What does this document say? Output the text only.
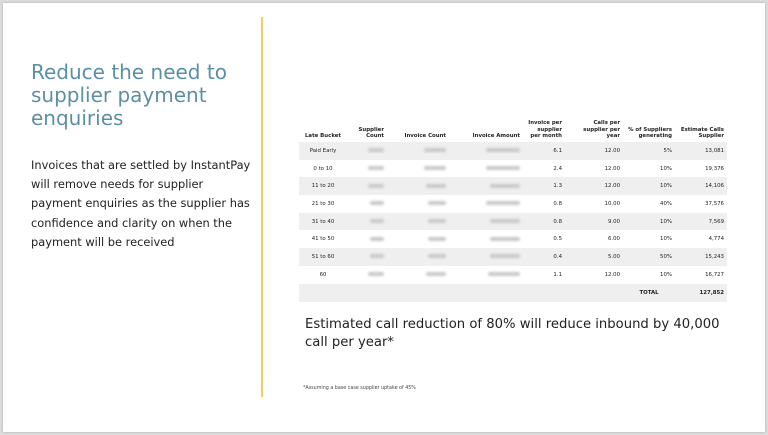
Reduce the need to supplier payment enquiries
Invoices that are settled by InstantPay will remove needs for supplier payment enquiries as the supplier has confidence and clarity on when the payment will be received
Late Bucket	Supplier Count	Invoice Count	Invoice Amount	Invoice per supplier per month	Calls per supplier per year	% of Suppliers generating	Estimate Calls Supplier
Paid Early				6.1	12.00	5%	13,081
0 to 10				2.4	12.00	10%	19,376
11 to 20				1.3	12.00	10%	14,106
21 to 30				0.8	10.00	40%	37,576
31 to 40				0.8	9.00	10%	7,569
41 to 50				0.5	6.00	10%	4,774
51 to 60				0.4	5.00	50%	15,243
60				1.1	12.00	10%	16,727
						TOTAL	127,852
Estimated call reduction of 80% will reduce inbound by 40,000 call per year*
*Assuming a base case supplier uptake of 45%
